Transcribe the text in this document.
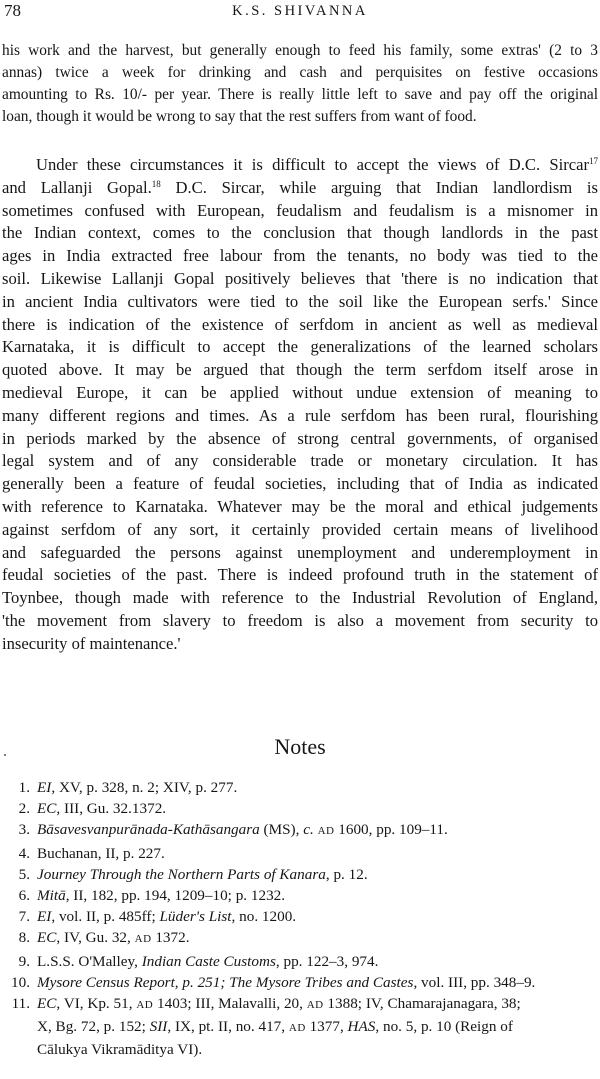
78	K.S. SHIVANNA
his work and the harvest, but generally enough to feed his family, some extras' (2 to 3
annas) twice a week for drinking and cash and perquisites on festive occasions
amounting to Rs. 10/- per year. There is really little left to save and pay off the original
loan, though it would be wrong to say that the rest suffers from want of food.
Under these circumstances it is difficult to accept the views of D.C. Sircar$^{17}$
and Lallanji Gopal.$^{18}$ D.C. Sircar, while arguing that Indian landlordism is
sometimes confused with European, feudalism and feudalism is a misnomer in
the Indian context, comes to the conclusion that though landlords in the past
ages in India extracted free labour from the tenants, no body was tied to the
soil. Likewise Lallanji Gopal positively believes that 'there is no indication that
in ancient India cultivators were tied to the soil like the European serfs.' Since
there is indication of the existence of serfdom in ancient as well as medieval
Karnataka, it is difficult to accept the generalizations of the learned scholars
quoted above. It may be argued that though the term serfdom itself arose in
medieval Europe, it can be applied without undue extension of meaning to
many different regions and times. As a rule serfdom has been rural, flourishing
in periods marked by the absence of strong central governments, of organised
legal system and of any considerable trade or monetary circulation. It has
generally been a feature of feudal societies, including that of India as indicated
with reference to Karnataka. Whatever may be the moral and ethical judgements
against serfdom of any sort, it certainly provided certain means of livelihood
and safeguarded the persons against unemployment and underemployment in
feudal societies of the past. There is indeed profound truth in the statement of
Toynbee, though made with reference to the Industrial Revolution of England,
'the movement from slavery to freedom is also a movement from security to
insecurity of maintenance.'
Notes
1. EI, XV, p. 328, n. 2; XIV, p. 277.
2. EC, III, Gu. 32.1372.
3. Bāsavesvanpurānada-Kathāsangara (MS), c. AD 1600, pp. 109–11.
4. Buchanan, II, p. 227.
5. Journey Through the Northern Parts of Kanara, p. 12.
6. Mitā, II, 182, pp. 194, 1209–10; p. 1232.
7. EI, vol. II, p. 485ff; Lüder's List, no. 1200.
8. EC, IV, Gu. 32, AD 1372.
9. L.S.S. O'Malley, Indian Caste Customs, pp. 122–3, 974.
10. Mysore Census Report, p. 251; The Mysore Tribes and Castes, vol. III, pp. 348–9.
11. EC, VI, Kp. 51, AD 1403; III, Malavalli, 20, AD 1388; IV, Chamarajanagara, 38;
X, Bg. 72, p. 152; SII, IX, pt. II, no. 417, AD 1377, HAS, no. 5, p. 10 (Reign of
Cālukya Vikramāditya VI).
